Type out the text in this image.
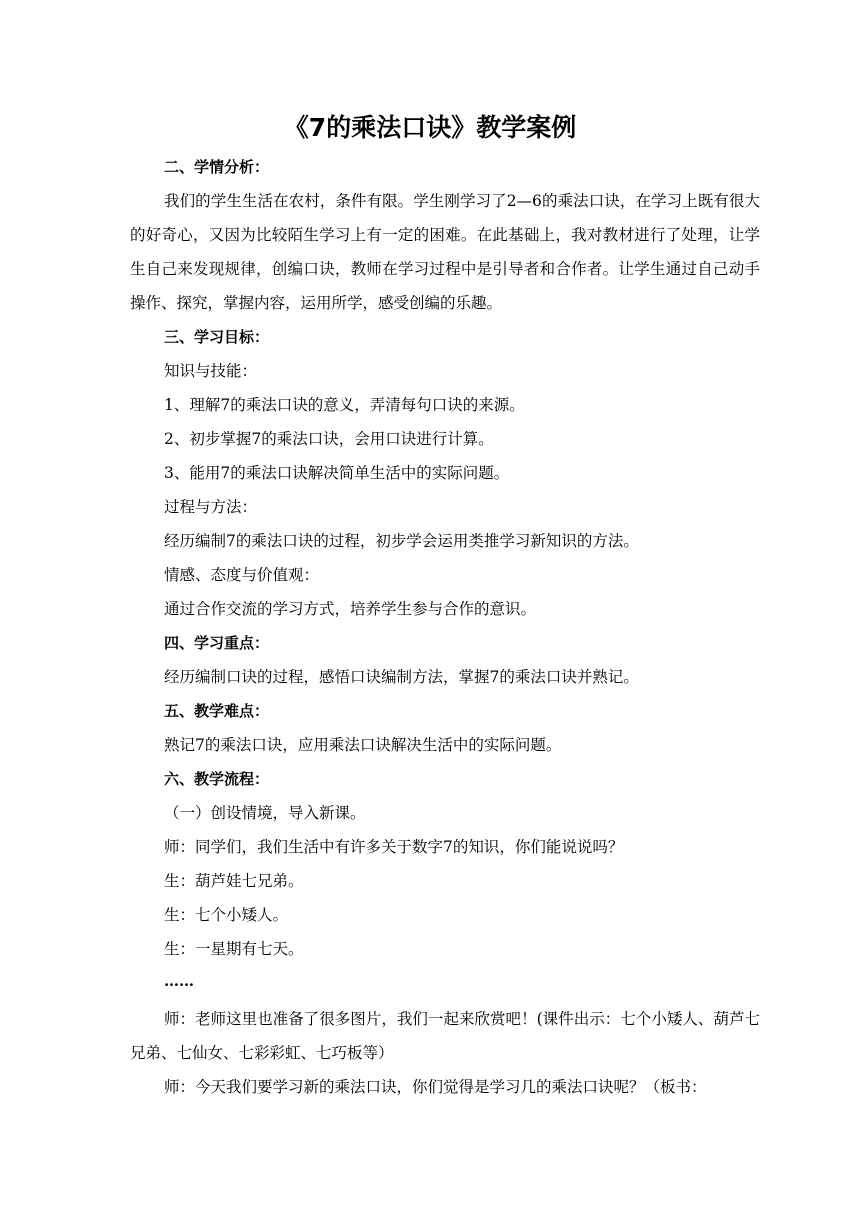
《7的乘法口诀》教学案例
二、学情分析：

我们的学生生活在农村，条件有限。学生刚学习了2—6的乘法口诀，在学习上既有很大的好奇心，又因为比较陌生学习上有一定的困难。在此基础上，我对教材进行了处理，让学生自己来发现规律，创编口诀，教师在学习过程中是引导者和合作者。让学生通过自己动手操作、探究，掌握内容，运用所学，感受创编的乐趣。

三、学习目标：
知识与技能：
1、理解7的乘法口诀的意义，弄清每句口诀的来源。
2、初步掌握7的乘法口诀，会用口诀进行计算。
3、能用7的乘法口诀解决简单生活中的实际问题。
过程与方法：
经历编制7的乘法口诀的过程，初步学会运用类推学习新知识的方法。
情感、态度与价值观：
通过合作交流的学习方式，培养学生参与合作的意识。
四、学习重点：
经历编制口诀的过程，感悟口诀编制方法，掌握7的乘法口诀并熟记。
五、教学难点：
熟记7的乘法口诀，应用乘法口诀解决生活中的实际问题。
六、教学流程：
（一）创设情境，导入新课。
师：同学们，我们生活中有许多关于数字7的知识，你们能说说吗？
生：葫芦娃七兄弟。
生：七个小矮人。
生：一星期有七天。
……

师：老师这里也准备了很多图片，我们一起来欣赏吧！(课件出示：七个小矮人、葫芦七兄弟、七仙女、七彩彩虹、七巧板等）

师：今天我们要学习新的乘法口诀，你们觉得是学习几的乘法口诀呢？（板书：
